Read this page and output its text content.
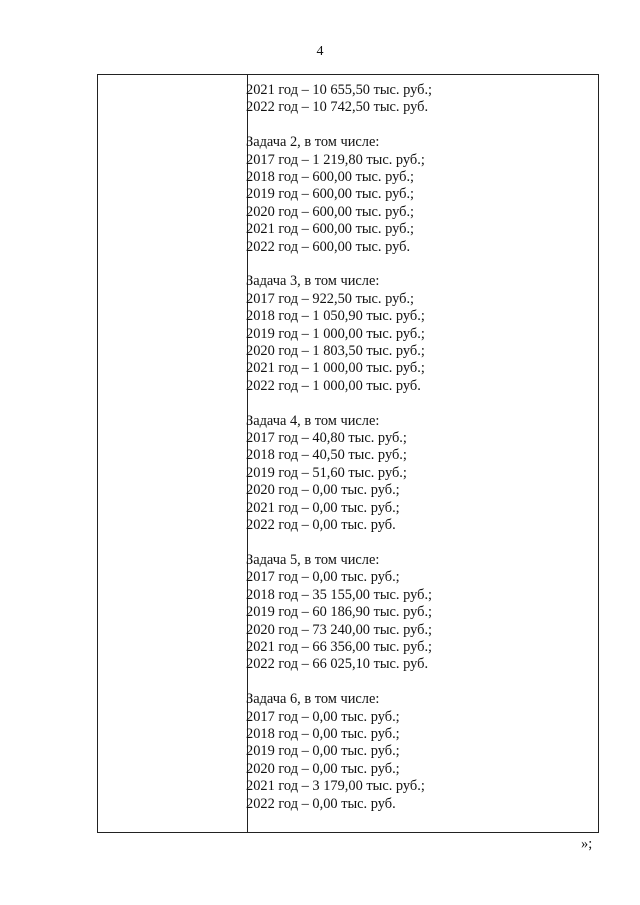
4
2021 год – 10 655,50 тыс. руб.;
2022 год – 10 742,50 тыс. руб.
Задача 2, в том числе:
2017 год – 1 219,80 тыс. руб.;
2018 год – 600,00 тыс. руб.;
2019 год – 600,00 тыс. руб.;
2020 год – 600,00 тыс. руб.;
2021 год – 600,00 тыс. руб.;
2022 год – 600,00 тыс. руб.
Задача 3, в том числе:
2017 год – 922,50 тыс. руб.;
2018 год – 1 050,90 тыс. руб.;
2019 год – 1 000,00 тыс. руб.;
2020 год – 1 803,50 тыс. руб.;
2021 год – 1 000,00 тыс. руб.;
2022 год – 1 000,00 тыс. руб.
Задача 4, в том числе:
2017 год – 40,80 тыс. руб.;
2018 год – 40,50 тыс. руб.;
2019 год – 51,60 тыс. руб.;
2020 год – 0,00 тыс. руб.;
2021 год – 0,00 тыс. руб.;
2022 год – 0,00 тыс. руб.
Задача 5, в том числе:
2017 год – 0,00 тыс. руб.;
2018 год – 35 155,00 тыс. руб.;
2019 год – 60 186,90 тыс. руб.;
2020 год – 73 240,00 тыс. руб.;
2021 год – 66 356,00 тыс. руб.;
2022 год – 66 025,10 тыс. руб.
Задача 6, в том числе:
2017 год – 0,00 тыс. руб.;
2018 год – 0,00 тыс. руб.;
2019 год – 0,00 тыс. руб.;
2020 год – 0,00 тыс. руб.;
2021 год – 3 179,00 тыс. руб.;
2022 год – 0,00 тыс. руб.
»;
